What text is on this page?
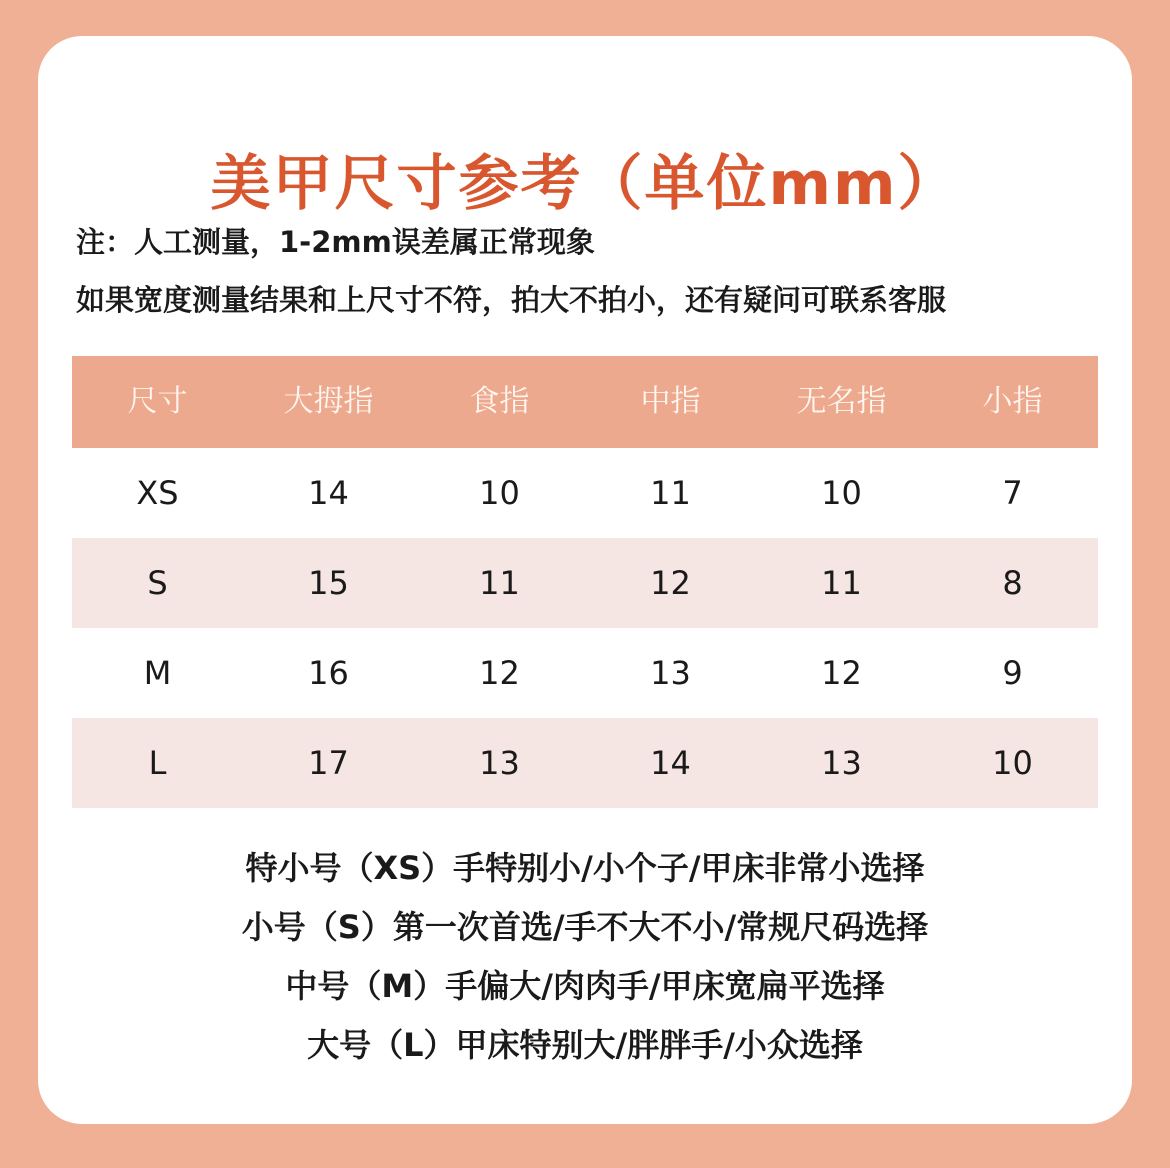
美甲尺寸参考（单位mm）
注：人工测量，1-2mm误差属正常现象
如果宽度测量结果和上尺寸不符，拍大不拍小，还有疑问可联系客服
尺寸	大拇指	食指	中指	无名指	小指
XS	14	10	11	10	7
S	15	11	12	11	8
M	16	12	13	12	9
L	17	13	14	13	10
特小号（XS）手特别小/小个子/甲床非常小选择
小号（S）第一次首选/手不大不小/常规尺码选择
中号（M）手偏大/肉肉手/甲床宽扁平选择
大号（L）甲床特别大/胖胖手/小众选择
